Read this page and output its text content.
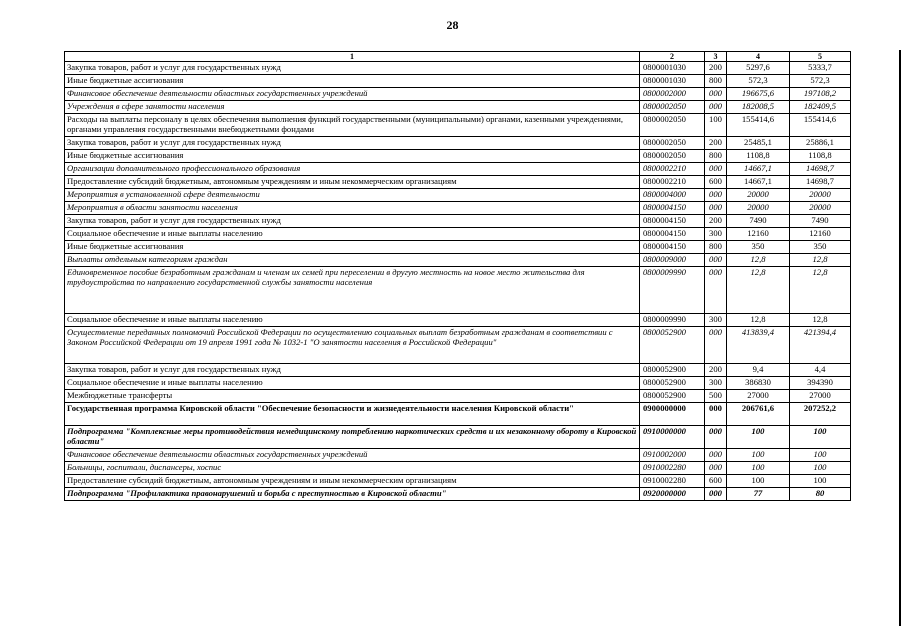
28
1	2	3	4	5
Закупка товаров, работ и услуг для государственных нужд	0800001030	200	5297,6	5333,7
Иные бюджетные ассигнования	0800001030	800	572,3	572,3
Финансовое обеспечение деятельности областных государственных учреждений	0800002000	000	196675,6	197108,2
Учреждения в сфере занятости населения	0800002050	000	182008,5	182409,5
Расходы на выплаты персоналу в целях обеспечения выполнения функций государственными (муниципальными) органами, казенными учреждениями, органами управления государственными внебюджетными фондами	0800002050	100	155414,6	155414,6
Закупка товаров, работ и услуг для государственных нужд	0800002050	200	25485,1	25886,1
Иные бюджетные ассигнования	0800002050	800	1108,8	1108,8
Организации дополнительного профессионального образования	0800002210	000	14667,1	14698,7
Предоставление субсидий бюджетным, автономным учреждениям и иным некоммерческим организациям	0800002210	600	14667,1	14698,7
Мероприятия в установленной сфере деятельности	0800004000	000	20000	20000
Мероприятия в области занятости населения	0800004150	000	20000	20000
Закупка товаров, работ и услуг для государственных нужд	0800004150	200	7490	7490
Социальное обеспечение и иные выплаты населению	0800004150	300	12160	12160
Иные бюджетные ассигнования	0800004150	800	350	350
Выплаты отдельным категориям граждан	0800009000	000	12,8	12,8
Единовременное пособие безработным гражданам и членам их семей при переселении в другую местность на новое место жительства для трудоустройства по направлению государственной службы занятости населения	0800009990	000	12,8	12,8
Социальное обеспечение и иные выплаты населению	0800009990	300	12,8	12,8
Осуществление переданных полномочий Российской Федерации по осуществлению социальных выплат безработным гражданам в соответствии с Законом Российской Федерации от 19 апреля 1991 года № 1032-1 "О занятости населения в Российской Федерации"	0800052900	000	413839,4	421394,4
Закупка товаров, работ и услуг для государственных нужд	0800052900	200	9,4	4,4
Социальное обеспечение и иные выплаты населению	0800052900	300	386830	394390
Межбюджетные трансферты	0800052900	500	27000	27000
Государственная программа Кировской области "Обеспечение безопасности и жизнедеятельности населения Кировской области"	0900000000	000	206761,6	207252,2
Подпрограмма "Комплексные меры противодействия немедицинскому потреблению наркотических средств и их незаконному обороту в Кировской области"	0910000000	000	100	100
Финансовое обеспечение деятельности областных государственных учреждений	0910002000	000	100	100
Больницы, госпитали, диспансеры, хоспис	0910002280	000	100	100
Предоставление субсидий бюджетным, автономным учреждениям и иным некоммерческим организациям	0910002280	600	100	100
Подпрограмма "Профилактика правонарушений и борьба с преступностью в Кировской области"	0920000000	000	77	80
